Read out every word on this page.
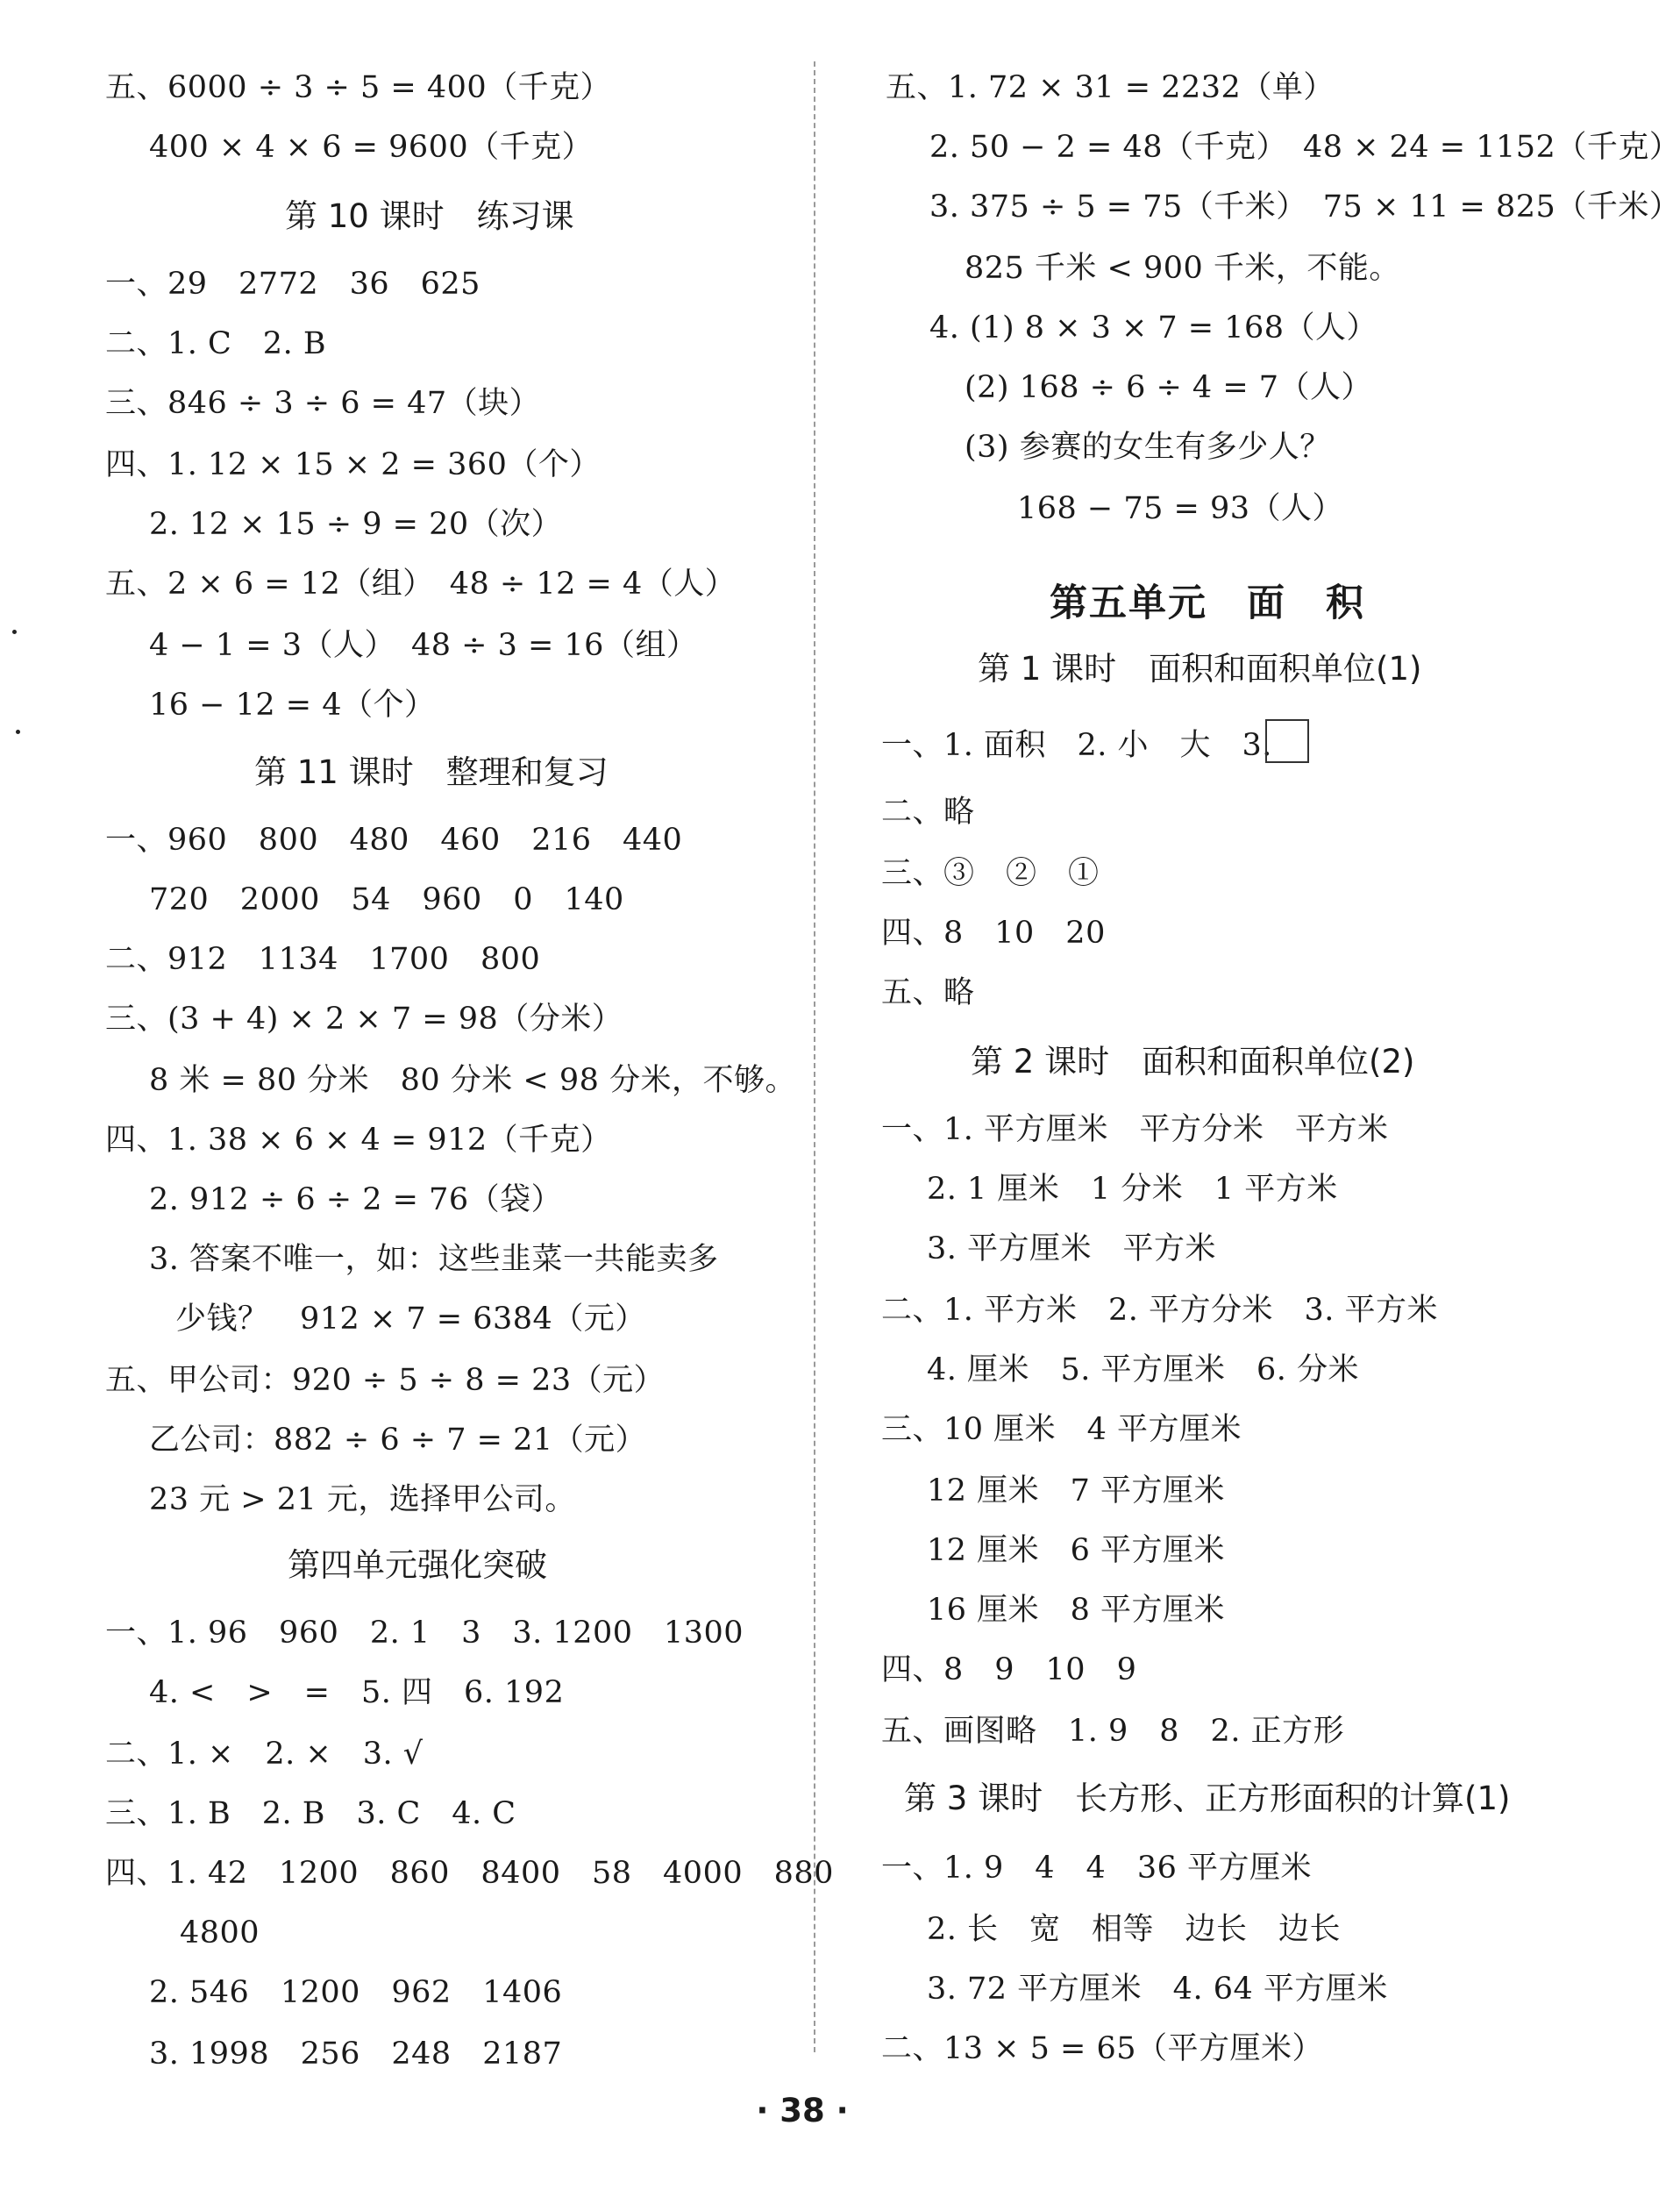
五、6000 ÷ 3 ÷ 5 = 400（千克）
400 × 4 × 6 = 9600（千克）
第 10 课时　练习课
一、29　2772　36　625
二、1. C　2. B
三、846 ÷ 3 ÷ 6 = 47（块）
四、1. 12 × 15 × 2 = 360（个）
2. 12 × 15 ÷ 9 = 20（次）
五、2 × 6 = 12（组）　48 ÷ 12 = 4（人）
4 − 1 = 3（人）　48 ÷ 3 = 16（组）
16 − 12 = 4（个）
第 11 课时　整理和复习
一、960　800　480　460　216　440
720　2000　54　960　0　140
二、912　1134　1700　800
三、(3 + 4) × 2 × 7 = 98（分米）
8 米 = 80 分米　80 分米 < 98 分米，不够。
四、1. 38 × 6 × 4 = 912（千克）
2. 912 ÷ 6 ÷ 2 = 76（袋）
3. 答案不唯一，如：这些韭菜一共能卖多
少钱？　912 × 7 = 6384（元）
五、甲公司：920 ÷ 5 ÷ 8 = 23（元）
乙公司：882 ÷ 6 ÷ 7 = 21（元）
23 元 > 21 元，选择甲公司。
第四单元强化突破
一、1. 96　960　2. 1　3　3. 1200　1300
4. <　>　=　5. 四　6. 192
二、1. ×　2. ×　3. √
三、1. B　2. B　3. C　4. C
四、1. 42　1200　860　8400　58　4000　880
4800
2. 546　1200　962　1406
3. 1998　256　248　2187
五、1. 72 × 31 = 2232（单）
2. 50 − 2 = 48（千克）　48 × 24 = 1152（千克）
3. 375 ÷ 5 = 75（千米）　75 × 11 = 825（千米）
825 千米 < 900 千米，不能。
4. (1) 8 × 3 × 7 = 168（人）
(2) 168 ÷ 6 ÷ 4 = 7（人）
(3) 参赛的女生有多少人？
168 − 75 = 93（人）
第五单元　面　积
第 1 课时　面积和面积单位(1)
一、1. 面积　2. 小　大　3.
二、略
三、③　②　①
四、8　10　20
五、略
第 2 课时　面积和面积单位(2)
一、1. 平方厘米　平方分米　平方米
2. 1 厘米　1 分米　1 平方米
3. 平方厘米　平方米
二、1. 平方米　2. 平方分米　3. 平方米
4. 厘米　5. 平方厘米　6. 分米
三、10 厘米　4 平方厘米
12 厘米　7 平方厘米
12 厘米　6 平方厘米
16 厘米　8 平方厘米
四、8　9　10　9
五、画图略　1. 9　8　2. 正方形
第 3 课时　长方形、正方形面积的计算(1)
一、1. 9　4　4　36 平方厘米
2. 长　宽　相等　边长　边长
3. 72 平方厘米　4. 64 平方厘米
二、13 × 5 = 65（平方厘米）
· 38 ·
